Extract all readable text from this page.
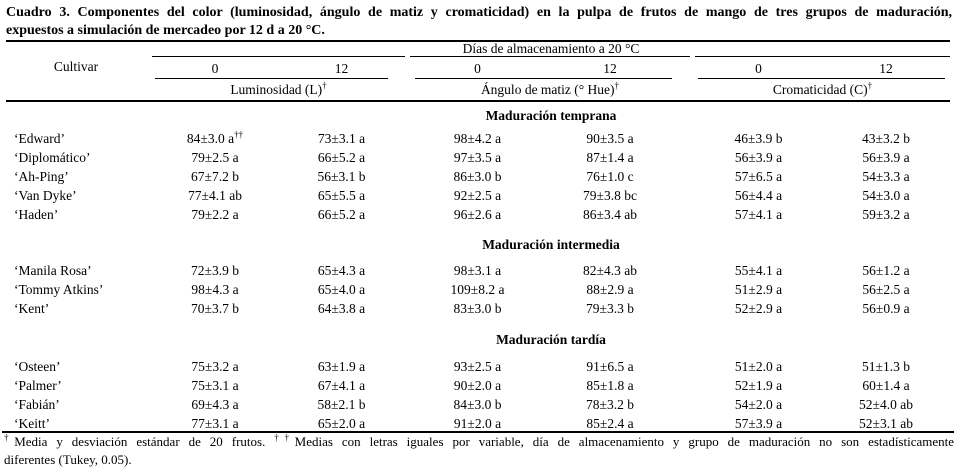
Cuadro 3. Componentes del color (luminosidad, ángulo de matiz y cromaticidad) en la pulpa de frutos de mango de tres grupos de maduración,
expuestos a simulación de mercadeo por 12 d a 20 °C.
Días de almacenamiento a 20 °C
Cultivar	0	12	0	12	0	12
Luminosidad (L)†	Ángulo de matiz (° Hue)†	Cromaticidad (C)†
Maduración temprana
‘Edward’	84±3.0 a††	73±3.1 a	98±4.2 a	90±3.5 a	46±3.9 b	43±3.2 b
‘Diplomático’	79±2.5 a	66±5.2 a	97±3.5 a	87±1.4 a	56±3.9 a	56±3.9 a
‘Ah-Ping’	67±7.2 b	56±3.1 b	86±3.0 b	76±1.0 c	57±6.5 a	54±3.3 a
‘Van Dyke’	77±4.1 ab	65±5.5 a	92±2.5 a	79±3.8 bc	56±4.4 a	54±3.0 a
‘Haden’	79±2.2 a	66±5.2 a	96±2.6 a	86±3.4 ab	57±4.1 a	59±3.2 a
Maduración intermedia
‘Manila Rosa’	72±3.9 b	65±4.3 a	98±3.1 a	82±4.3 ab	55±4.1 a	56±1.2 a
‘Tommy Atkins’	98±4.3 a	65±4.0 a	109±8.2 a	88±2.9 a	51±2.9 a	56±2.5 a
‘Kent’	70±3.7 b	64±3.8 a	83±3.0 b	79±3.3 b	52±2.9 a	56±0.9 a
Maduración tardía
‘Osteen’	75±3.2 a	63±1.9 a	93±2.5 a	91±6.5 a	51±2.0 a	51±1.3 b
‘Palmer’	75±3.1 a	67±4.1 a	90±2.0 a	85±1.8 a	52±1.9 a	60±1.4 a
‘Fabián’	69±4.3 a	58±2.1 b	84±3.0 b	78±3.2 b	54±2.0 a	52±4.0 ab
‘Keitt’	77±3.1 a	65±2.0 a	91±2.0 a	85±2.4 a	57±3.9 a	52±3.1 ab
†Media y desviación estándar de 20 frutos. ††Medias con letras iguales por variable, día de almacenamiento y grupo de maduración no son estadísticamente
diferentes (Tukey, 0.05).
